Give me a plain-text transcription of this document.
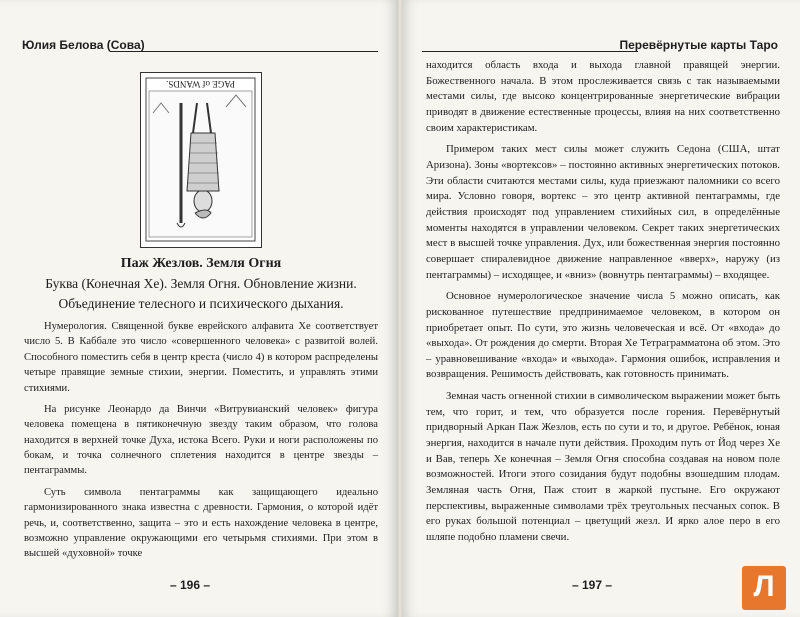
Юлия Белова (Сова)
PAGE of WANDS.
Паж Жезлов. Земля Огня
Буква (Конечная Хе). Земля Огня. Обновление жизни.
Объединение телесного и психического дыхания.

Нумерология. Священной букве еврейского алфавита Хе соответствует число 5. В Каббале это число «совершенного человека» с развитой волей. Способного поместить себя в центр креста (число 4) в котором распределены четыре правящие земные стихии, энергии. Поместить, и управлять этими стихиями.

На рисунке Леонардо да Винчи «Витрувианский человек» фигура человека помещена в пятиконечную звезду таким образом, что голова находится в верхней точке Духа, истока Всего. Руки и ноги расположены по бокам, и точка солнечного сплетения находится в центре звезды – пентаграммы.

Суть символа пентаграммы как защищающего идеально гармонизированного знака известна с древности. Гармония, о которой идёт речь, и, соответственно, защита – это и есть нахождение человека в центре, возможно управление окружающими его четырьмя стихиями. При этом в высшей «духовной» точке

– 196 –
Перевёрнутые карты Таро

находится область входа и выхода главной правящей энергии. Божественного начала. В этом прослеживается связь с так называемыми местами силы, где высоко концентрированные энергетические вибрации приводят в движение естественные процессы, влияя на них соответственно своим характеристикам.

Примером таких мест силы может служить Седона (США, штат Аризона). Зоны «вортексов» – постоянно активных энергетических потоков. Эти области считаются местами силы, куда приезжают паломники со всего мира. Условно говоря, вортекс – это центр активной пентаграммы, где действия происходят под управлением стихийных сил, в определённые моменты находятся в управлении человеком. Секрет таких энергетических мест в высшей точке управления. Дух, или божественная энергия постоянно совершает спиралевидное движение направленное «вверх», наружу (из пентаграммы) – исходящее, и «вниз» (вовнутрь пентаграммы) – входящее.

Основное нумерологическое значение числа 5 можно описать, как рискованное путешествие предпринимаемое человеком, в котором он приобретает опыт. По сути, это жизнь человеческая и всё. От «входа» до «выхода». От рождения до смерти. Вторая Хе Тетраграмматона об этом. Это – уравновешивание «входа» и «выхода». Гармония ошибок, исправления и возвращения. Решимость действовать, как готовность принимать.

Земная часть огненной стихии в символическом выражении может быть тем, что горит, и тем, что образуется после горения. Перевёрнутый придворный Аркан Паж Жезлов, есть по сути и то, и другое. Ребёнок, юная энергия, находится в начале пути действия. Проходим путь от Йод через Хе и Вав, теперь Хе конечная – Земля Огня способна создавая на новом поле возможностей. Итоги этого созидания будут подобны взошедшим плодам. Земляная часть Огня, Паж стоит в жаркой пустыне. Его окружают перспективы, выраженные символами трёх треугольных песчаных сопок. В его руках большой потенциал – цветущий жезл. И ярко алое перо в его шляпе подобно пламени свечи.

– 197 –	Л
